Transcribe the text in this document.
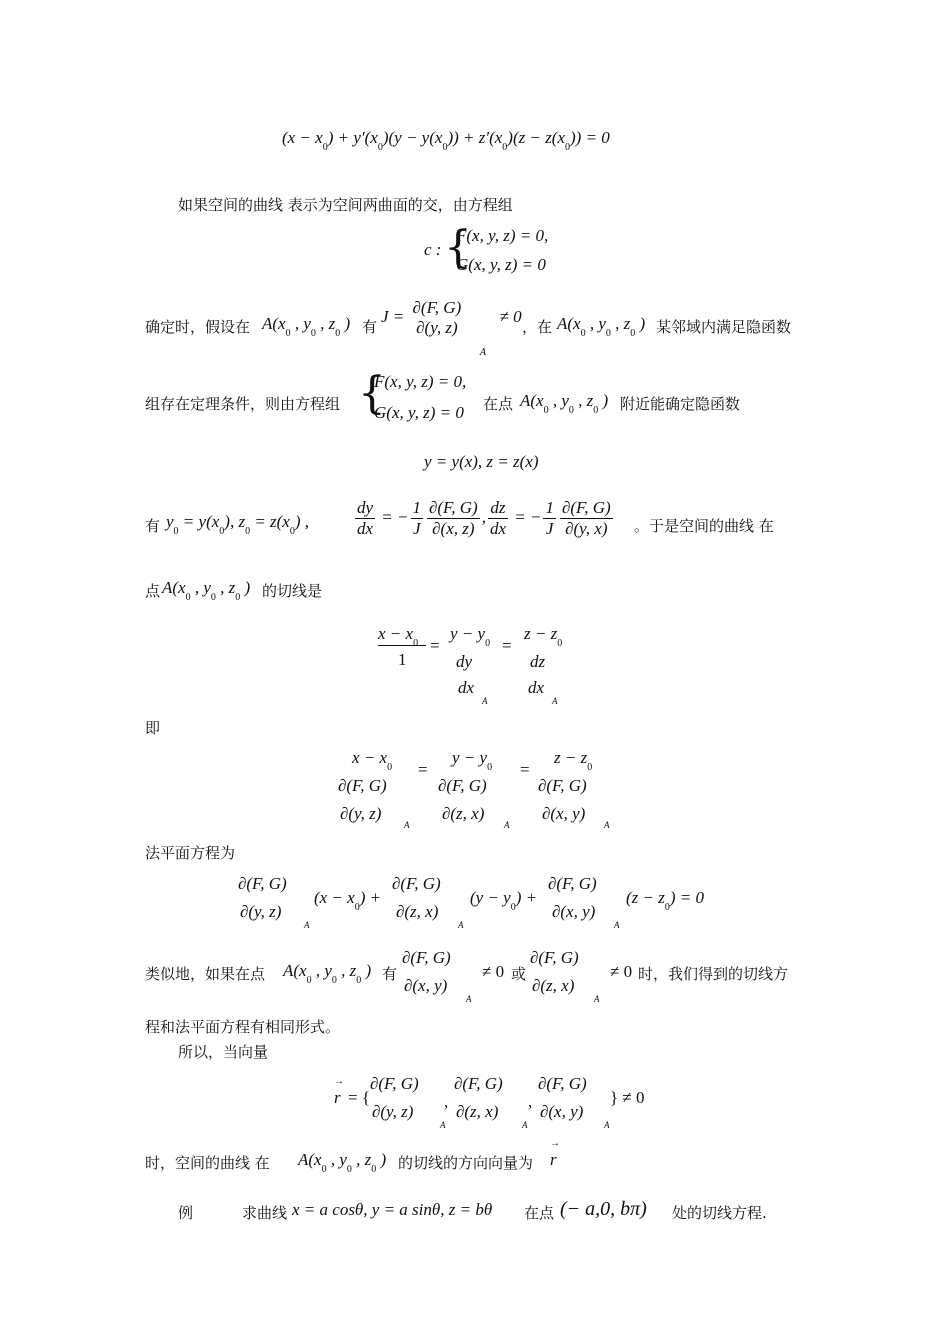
$(x - x_0) + y'(x_0)(y - y(x_0)) + z'(x_0)(z - z(x_0)) = 0$
如果空间的曲线 表示为空间两曲面的交，由方程组
c : {
F(x, y, z) = 0,
G(x, y, z) = 0
确定时，假设在 $A(x_0$ , $y_0$ , $z_0$ ) 有
J = ∂(F, G)
∂(y, z)
≠ 0
A
，在 $A(x_0$ , $y_0$ , $z_0$ ) 某邻域内满足隐函数
组存在定理条件，则由方程组 {
F(x, y, z) = 0,
G(x, y, z) = 0 在点 $A(x_0$ , $y_0$ , $z_0$ ) 附近能确定隐函数
y = y(x), z = z(x)
有 $y_0 = y(x_0)$, $z_0 = z(x_0)$ ,	$\frac{dy}{dx}$ = − $\frac{1}{J} \frac{\partial(F, G)}{\partial(x, z)}$ , $\frac{dz}{dx}$ = − $\frac{1}{J} \frac{\partial(F, G)}{\partial(y, x)}$ 。于是空间的曲线 在
点 $A(x_0$ , $y_0$ , $z_0$ ) 的切线是
$x - x_0$
1
=
$y - y_0$
dy
dx
A
=
$z - z_0$
dz
dx
A
即
$x - x_0$
∂(F, G)
∂(y, z)
A
=
$y - y_0$
∂(F, G)
∂(z, x)
A
=
$z - z_0$
∂(F, G)
∂(x, y)
A
法平面方程为
∂(F, G)
∂(y, z)
A
$(x - x_0)$ +
∂(F, G)
∂(z, x)
A
$(y - y_0)$ +
∂(F, G)
∂(x, y)
A
$(z - z_0) = 0$
类似地，如果在点 $A(x_0$ , $y_0$ , $z_0$ ) 有
∂(F, G)
∂(x, y)
A
≠ 0 或
∂(F, G)
∂(z, x)
A
≠ 0 时，我们得到的切线方
程和法平面方程有相同形式。
所以，当向量
r → = {
∂(F, G)
∂(y, z)
A
,
∂(F, G)
∂(z, x)
A
,
∂(F, G)
∂(x, y)
A
} ≠ 0
时，空间的曲线 在 $A(x_0$ , $y_0$ , $z_0$ ) 的切线的方向向量为 r →
例	求曲线 x = a cosθ, y = a sinθ, z = bθ 在点 (− a,0, bπ) 处的切线方程.
